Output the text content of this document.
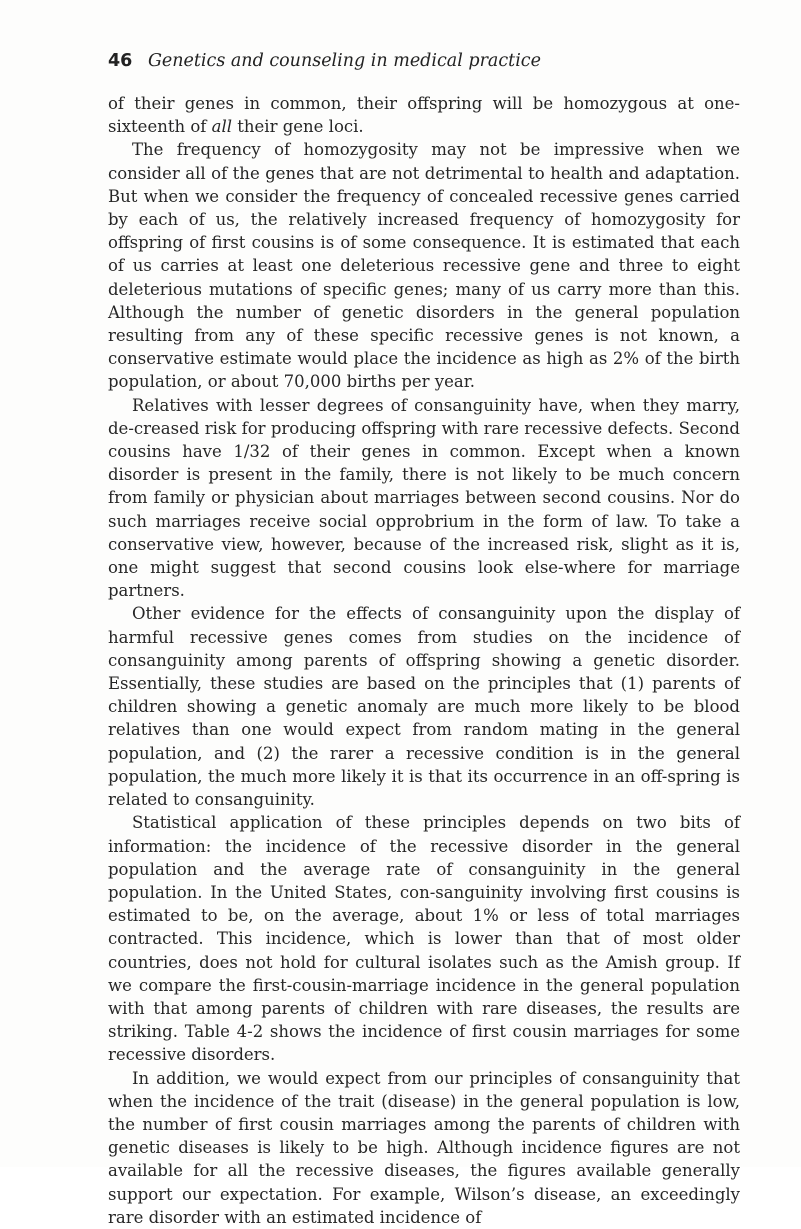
46 Genetics and counseling in medical practice

of their genes in common, their offspring will be homozygous at one-sixteenth of all their gene loci.

The frequency of homozygosity may not be impressive when we consider all of the genes that are not detrimental to health and adaptation. But when we consider the frequency of concealed recessive genes carried by each of us, the relatively increased frequency of homozygosity for offspring of first cousins is of some consequence. It is estimated that each of us carries at least one deleterious recessive gene and three to eight deleterious mutations of specific genes; many of us carry more than this. Although the number of genetic disorders in the general population resulting from any of these specific recessive genes is not known, a conservative estimate would place the incidence as high as 2% of the birth population, or about 70,000 births per year.

Relatives with lesser degrees of consanguinity have, when they marry, de-creased risk for producing offspring with rare recessive defects. Second cousins have 1/32 of their genes in common. Except when a known disorder is present in the family, there is not likely to be much concern from family or physician about marriages between second cousins. Nor do such marriages receive social opprobrium in the form of law. To take a conservative view, however, because of the increased risk, slight as it is, one might suggest that second cousins look else-where for marriage partners.

Other evidence for the effects of consanguinity upon the display of harmful recessive genes comes from studies on the incidence of consanguinity among parents of offspring showing a genetic disorder. Essentially, these studies are based on the principles that (1) parents of children showing a genetic anomaly are much more likely to be blood relatives than one would expect from random mating in the general population, and (2) the rarer a recessive condition is in the general population, the much more likely it is that its occurrence in an off-spring is related to consanguinity.

Statistical application of these principles depends on two bits of information: the incidence of the recessive disorder in the general population and the average rate of consanguinity in the general population. In the United States, con-sanguinity involving first cousins is estimated to be, on the average, about 1% or less of total marriages contracted. This incidence, which is lower than that of most older countries, does not hold for cultural isolates such as the Amish group. If we compare the first-cousin-marriage incidence in the general population with that among parents of children with rare diseases, the results are striking. Table 4-2 shows the incidence of first cousin marriages for some recessive disorders.

In addition, we would expect from our principles of consanguinity that when the incidence of the trait (disease) in the general population is low, the number of first cousin marriages among the parents of children with genetic diseases is likely to be high. Although incidence figures are not available for all the recessive diseases, the figures available generally support our expectation. For example, Wilson’s disease, an exceedingly rare disorder with an estimated incidence of
